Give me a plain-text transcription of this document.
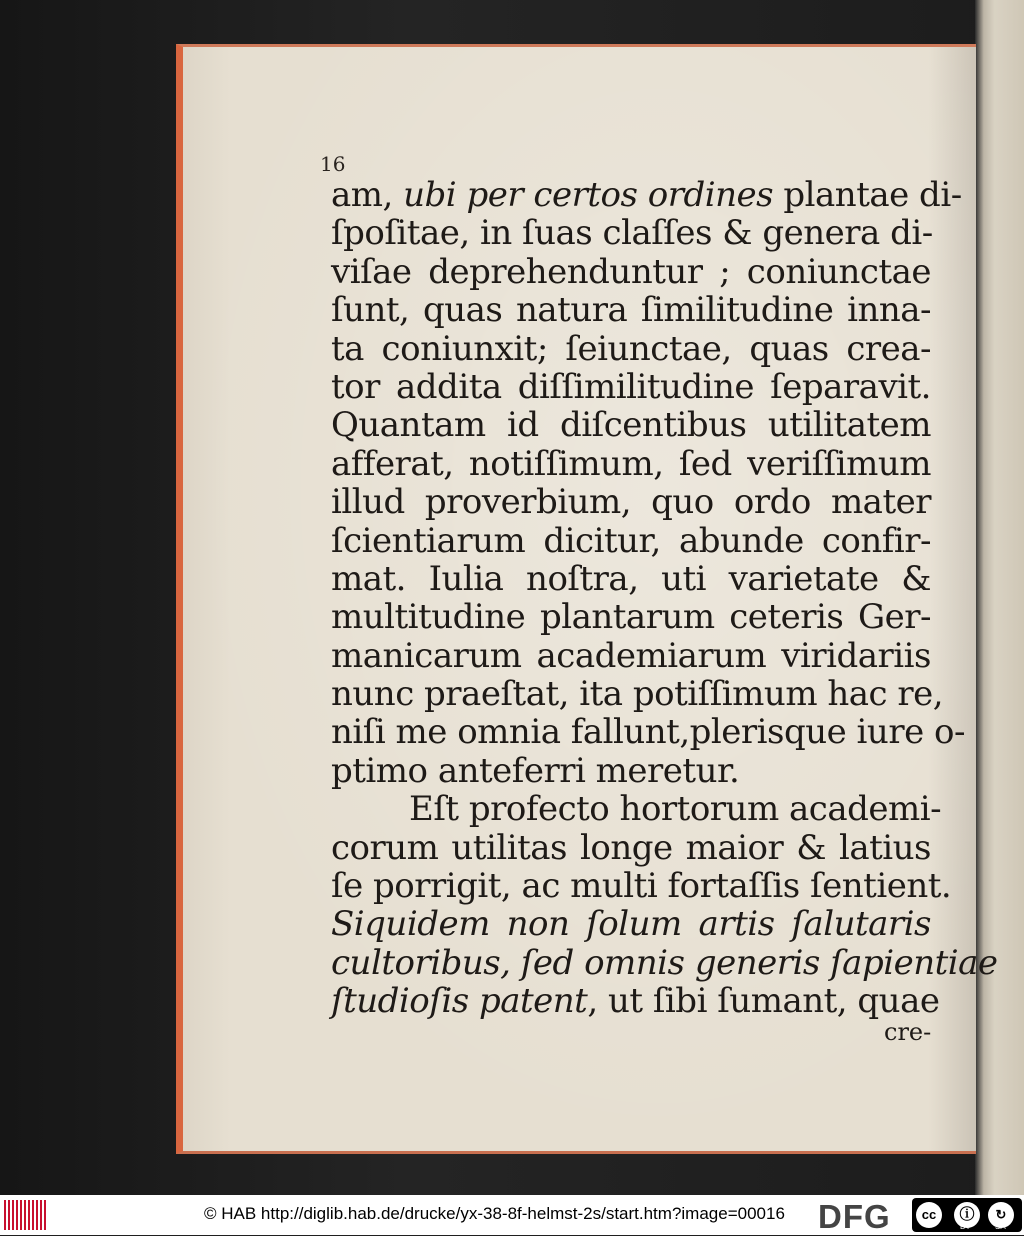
16
am, ubi per certos ordines plantae di-
ſpoſitae, in ſuas claſſes & genera di-
viſae deprehenduntur ; coniunctae
ſunt, quas natura ſimilitudine inna-
ta coniunxit; ſeiunctae, quas crea-
tor addita diſſimilitudine ſeparavit.
Quantam id diſcentibus utilitatem
afferat, notiſſimum, ſed veriſſimum
illud proverbium, quo ordo mater
ſcientiarum dicitur, abunde confir-
mat. Iulia noſtra, uti varietate &
multitudine plantarum ceteris Ger-
manicarum academiarum viridariis
nunc praeſtat, ita potiſſimum hac re,
niſi me omnia fallunt,plerisque iure o-
ptimo anteferri meretur.
Eſt profecto hortorum academi-
corum utilitas longe maior & latius
ſe porrigit, ac multi fortaſſis ſentient.
Siquidem non ſolum artis ſalutaris
cultoribus, ſed omnis generis ſapientiae
ſtudioſis patent, ut ſibi ſumant, quae
cre-
© HAB http://diglib.hab.de/drucke/yx-38-8f-helmst-2s/start.htm?image=00016 DFG	cc	ⓘ
BY
↻
SA
